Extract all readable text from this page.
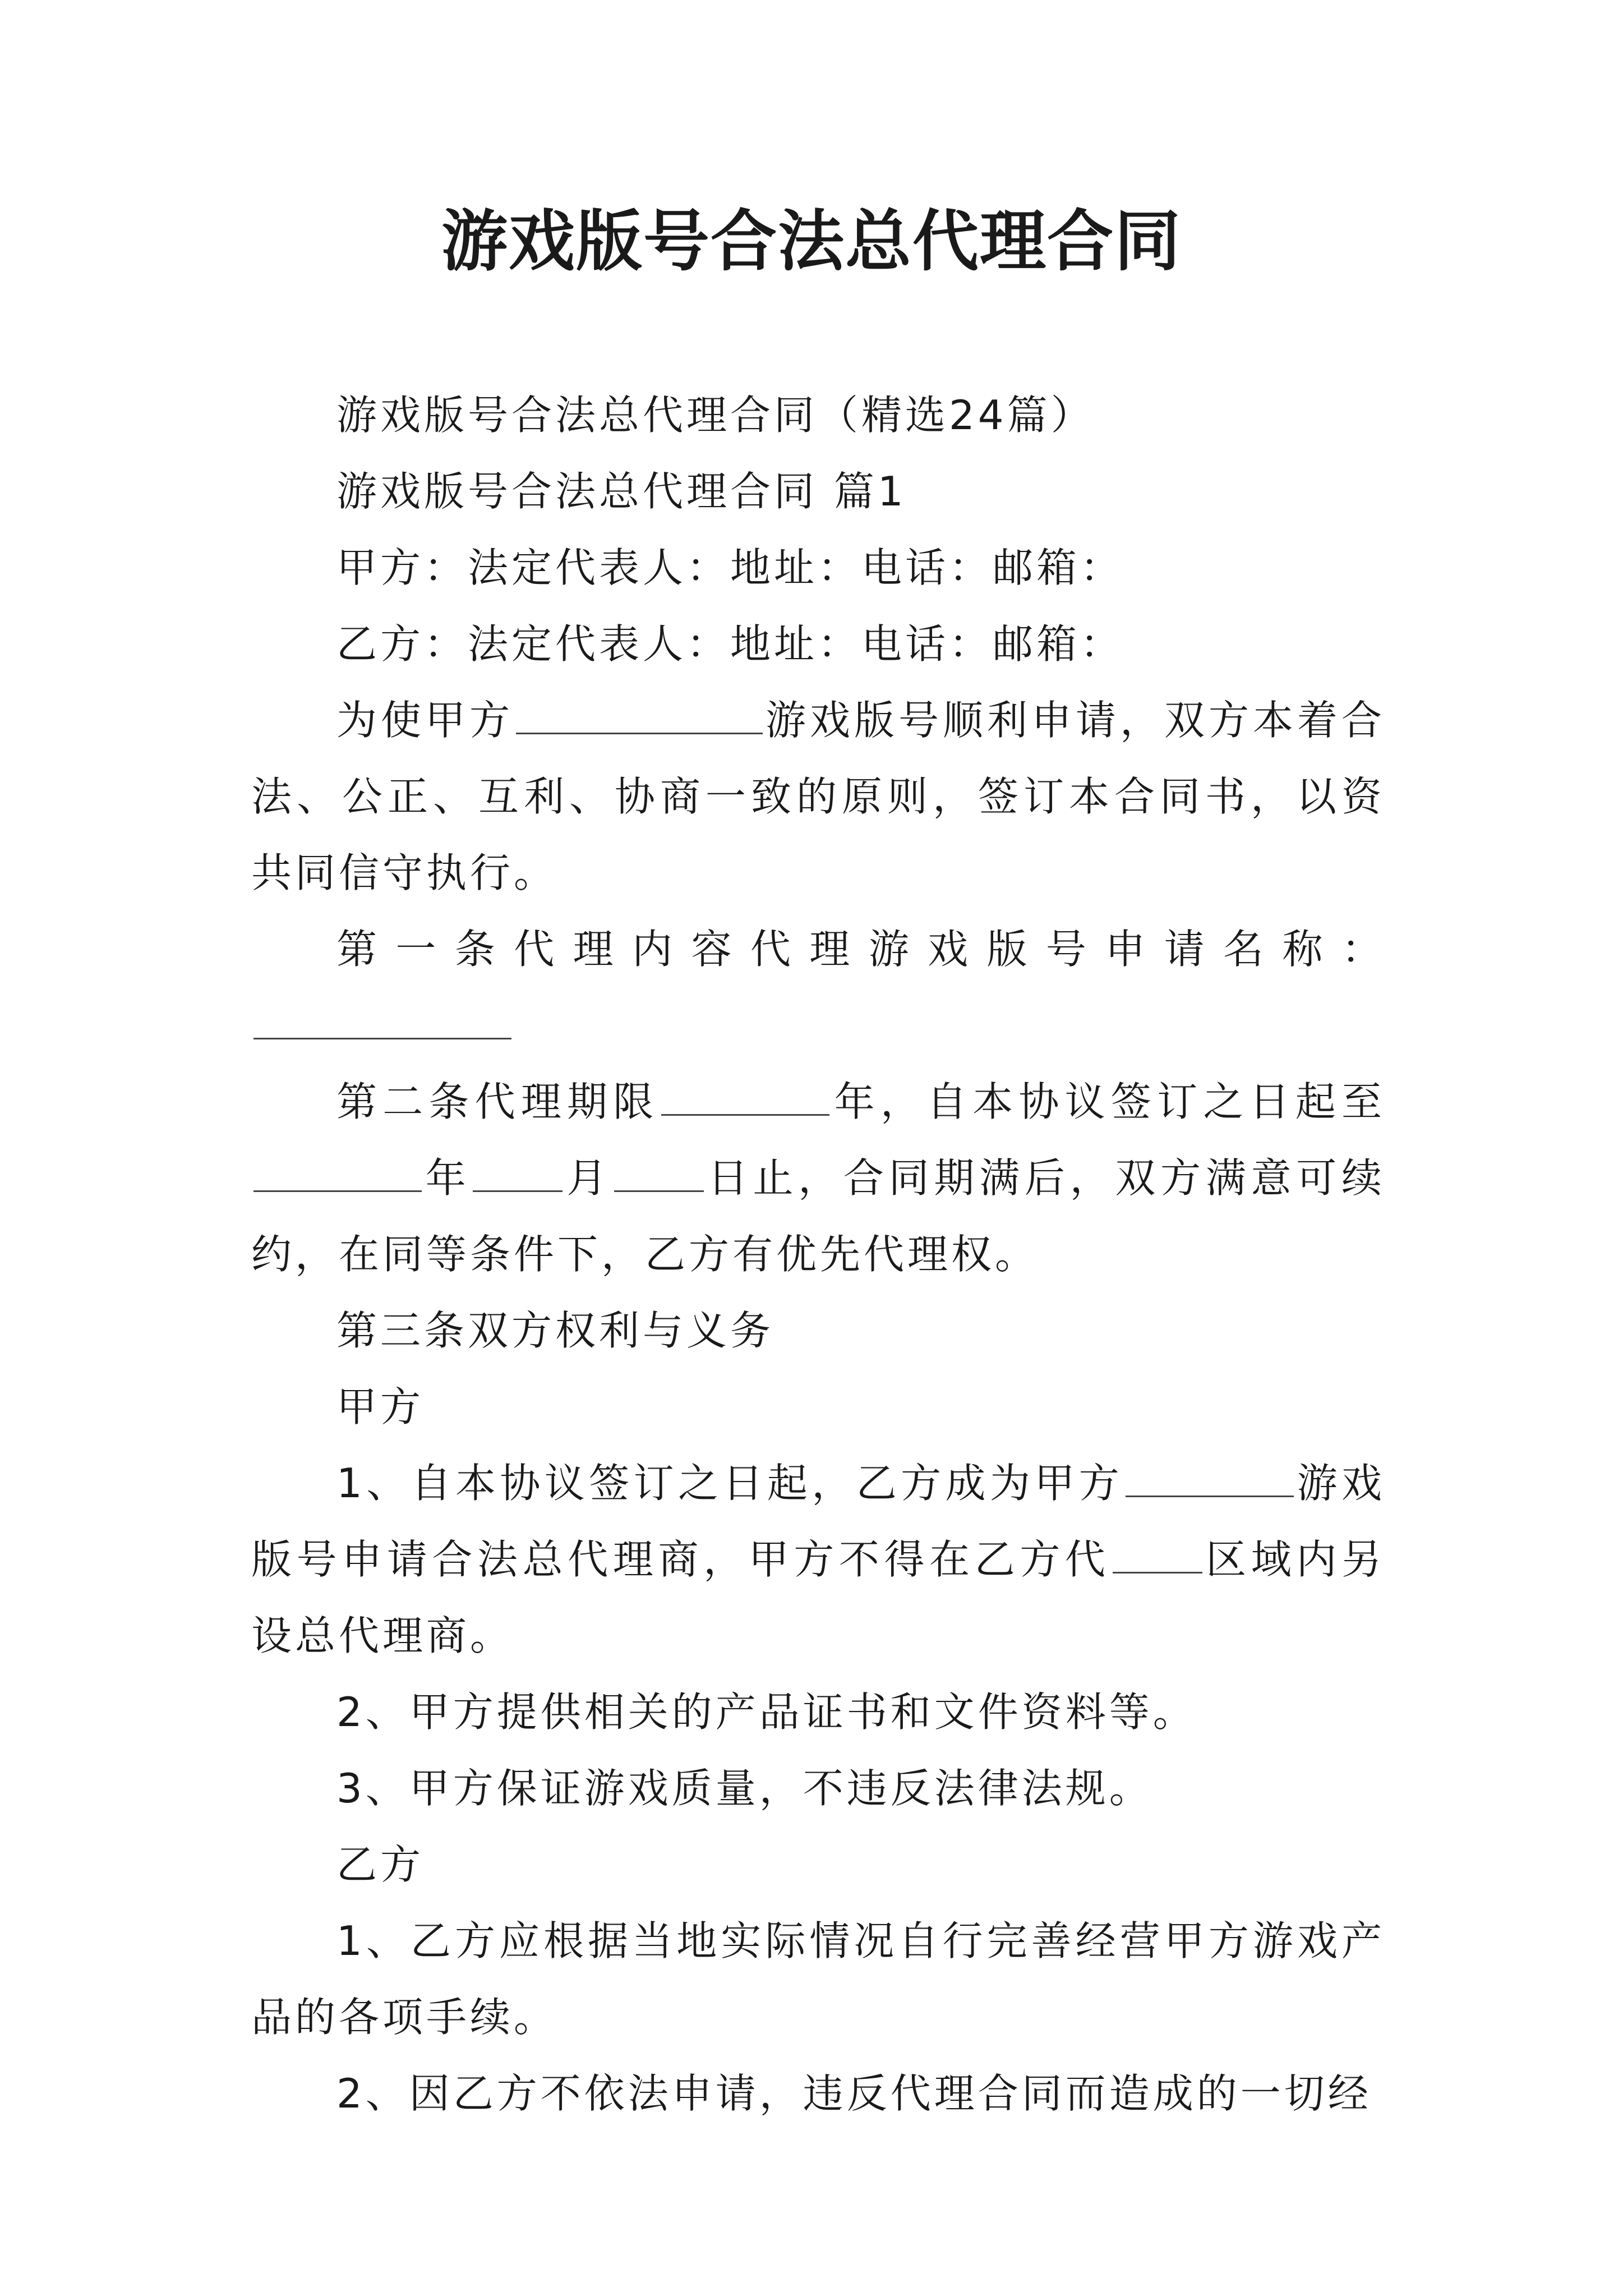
游戏版号合法总代理合同

游戏版号合法总代理合同（精选24篇）

游戏版号合法总代理合同 篇1

甲方：法定代表人：地址：电话：邮箱：

乙方：法定代表人：地址：电话：邮箱：

为使甲方	游戏版号顺利申请，双方本着合法、公正、互利、协商一致的原则，签订本合同书，以资共同信守执行。

第一条代理内容代理游戏版号申请名称：

第二条代理期限	年，自本协议签订之日起至年 月 日止，合同期满后，双方满意可续约，在同等条件下，乙方有优先代理权。

第三条双方权利与义务

甲方

1、自本协议签订之日起，乙方成为甲方	游戏版号申请合法总代理商，甲方不得在乙方代 区域内另设总代理商。

2、甲方提供相关的产品证书和文件资料等。

3、甲方保证游戏质量，不违反法律法规。

乙方

1、乙方应根据当地实际情况自行完善经营甲方游戏产品的各项手续。

2、因乙方不依法申请，违反代理合同而造成的一切经
